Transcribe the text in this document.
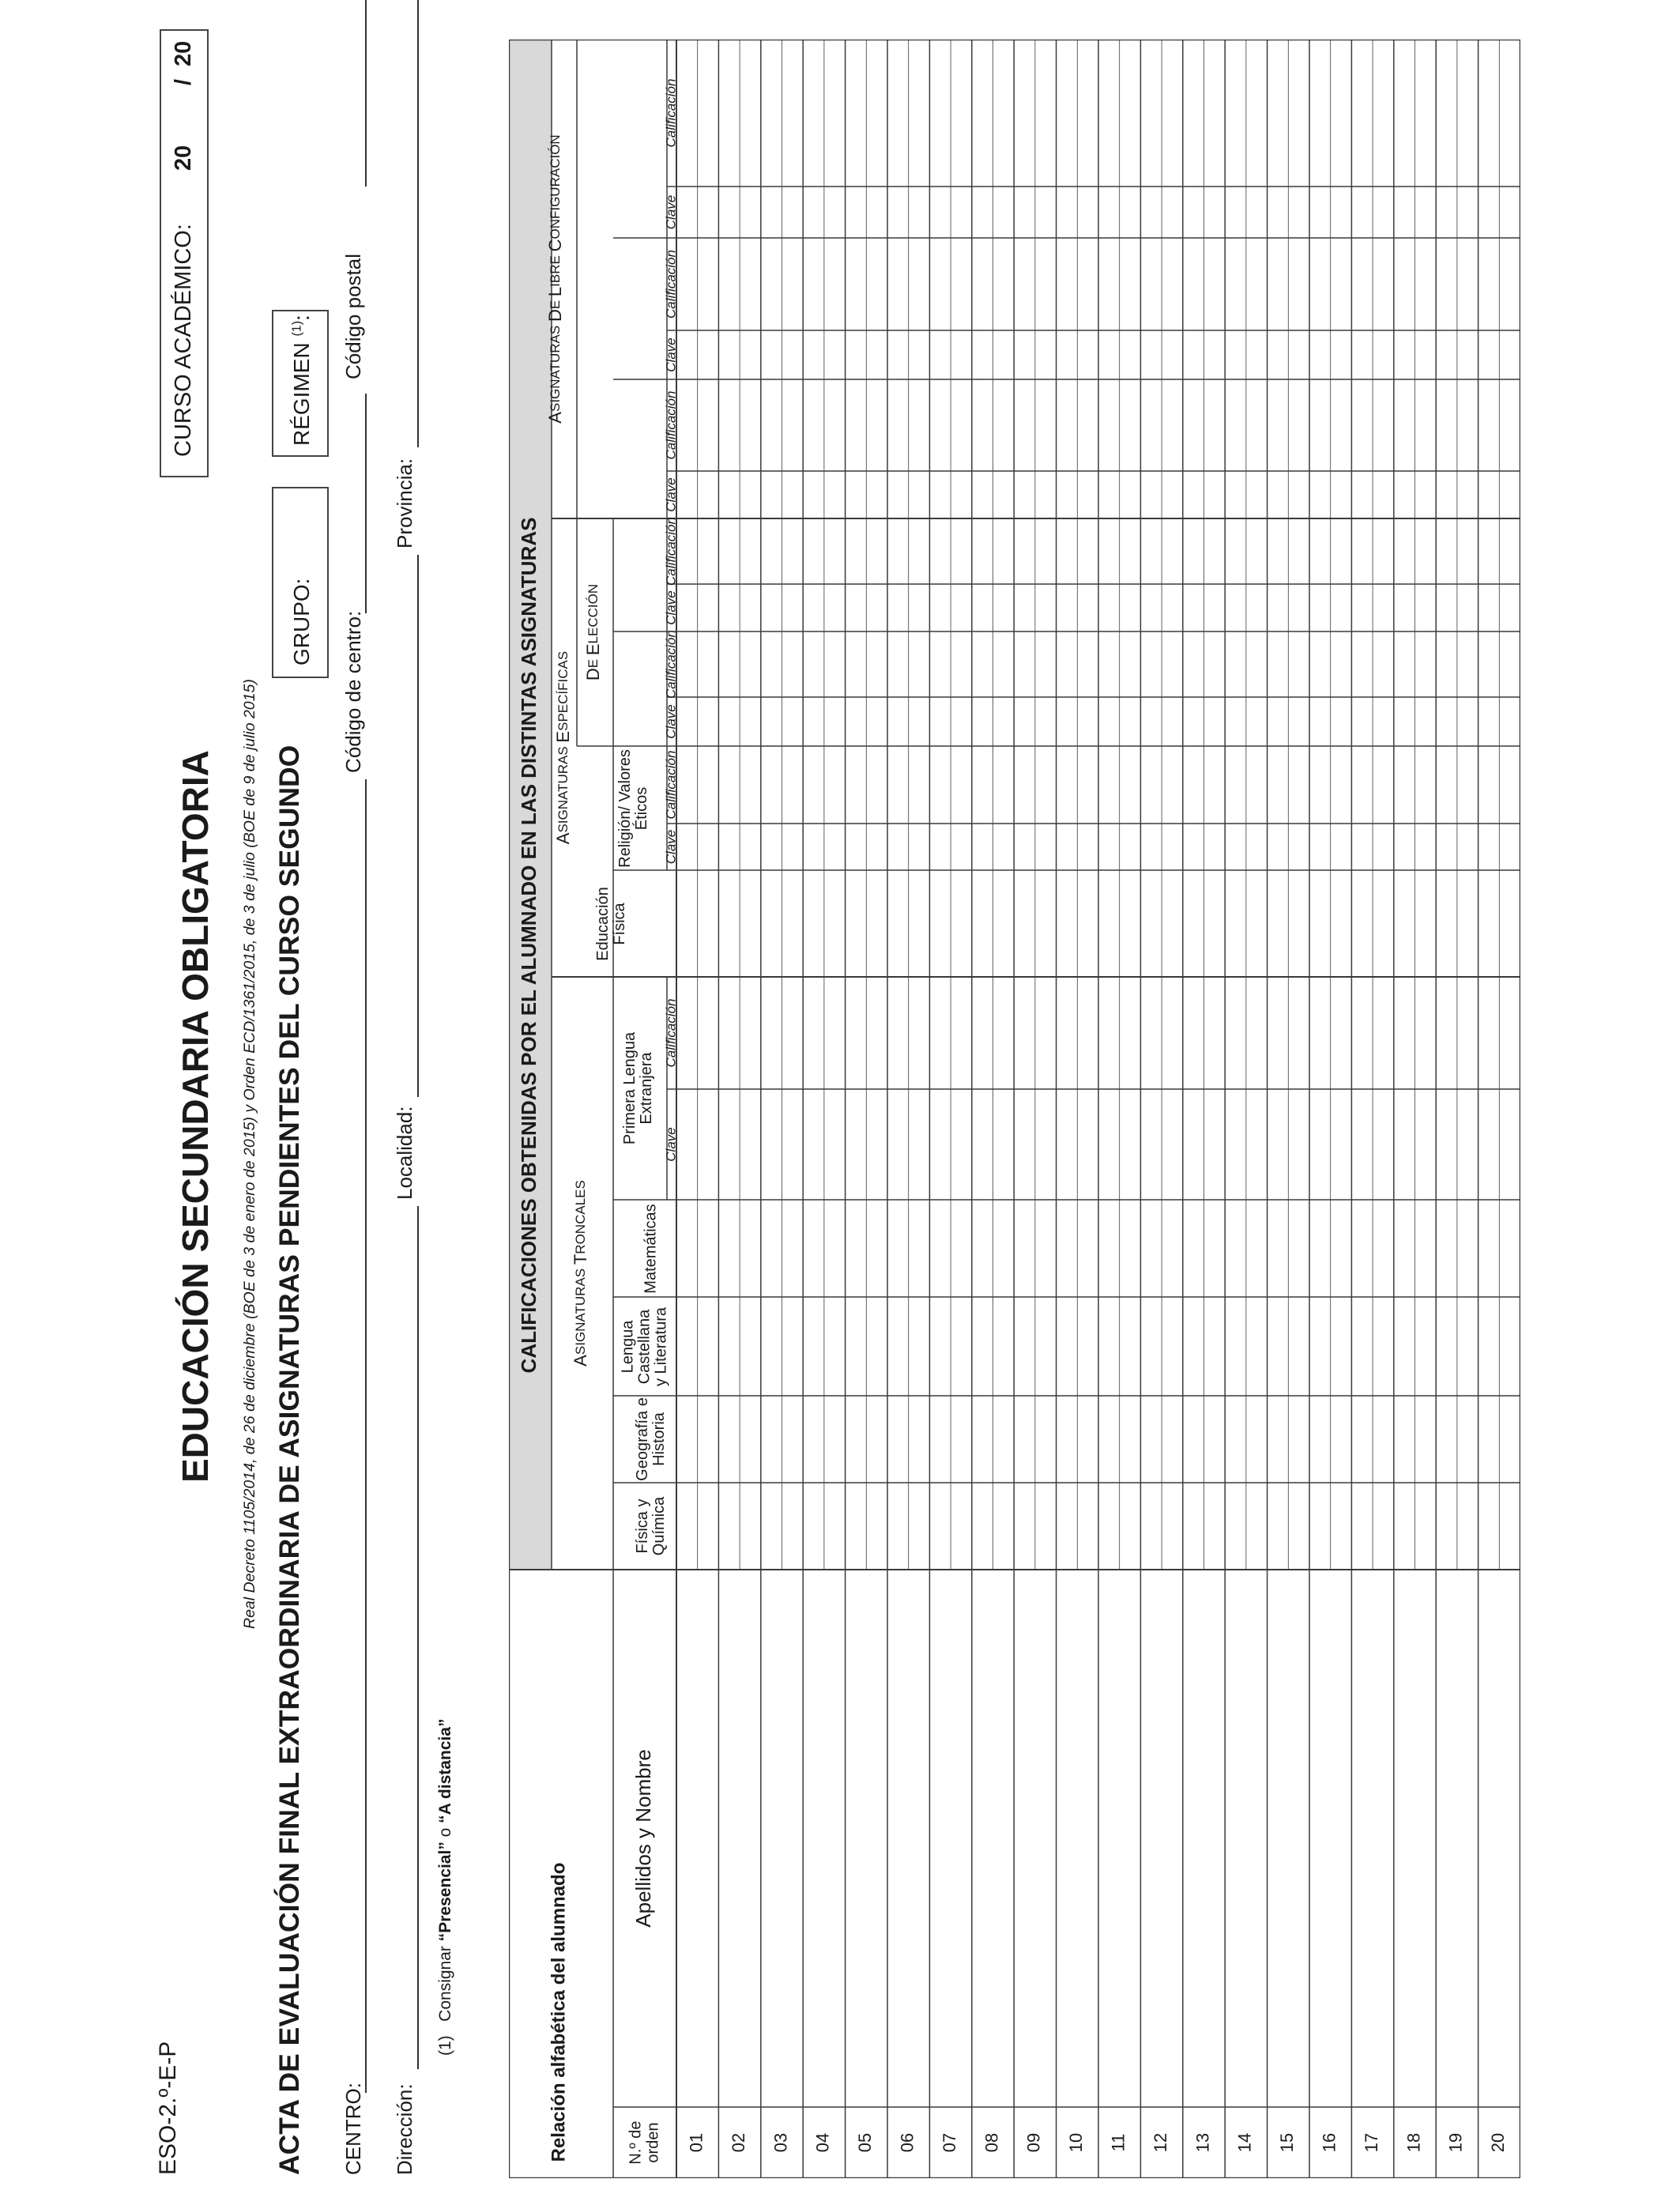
ESO-2.º-E-P
EDUCACIÓN SECUNDARIA OBLIGATORIA Real Decreto 1105/2014, de 26 de diciembre (BOE de 3 de enero de 2015) y Orden ECD/1361/2015, de 3 de julio (BOE de 9 de julio 2015) ACTA DE EVALUACIÓN FINAL EXTRAORDINARIA DE ASIGNATURAS PENDIENTES DEL CURSO SEGUNDO
CURSO ACADÉMICO:
20
/
20
GRUPO:
RÉGIMEN $^{(1)}$:
CENTRO:
Código de centro:
Código postal
Dirección:
Localidad:
Provincia:
(1)   Consignar “Presencial” o “A distancia”
Clave
Calificación
Clave
Calificación
Clave
Calificación
Clave
Calificación
Clave
Calificación
Clave
Calificación
Clave
Calificación
CALIFICACIONES OBTENIDAS POR EL ALUMNADO EN LAS DISTINTAS ASIGNATURAS
Relación alfabética del alumnado	N.º de orden
Apellidos y Nombre
ASIGNATURAS TRONCALES
ASIGNATURAS ESPECÍFICAS DE ELECCIÓN
ASIGNATURAS DE LIBRE CONFIGURACIÓN
Física y Química
Geografía e Historia
Lengua Castellana y Literatura
Matemáticas
Primera Lengua Extranjera
Educación Física
Religión/ Valores Éticos
01 02 03 04 05 06 07 08 09 10 11 12 13 14 15 16 17 18 19 20
